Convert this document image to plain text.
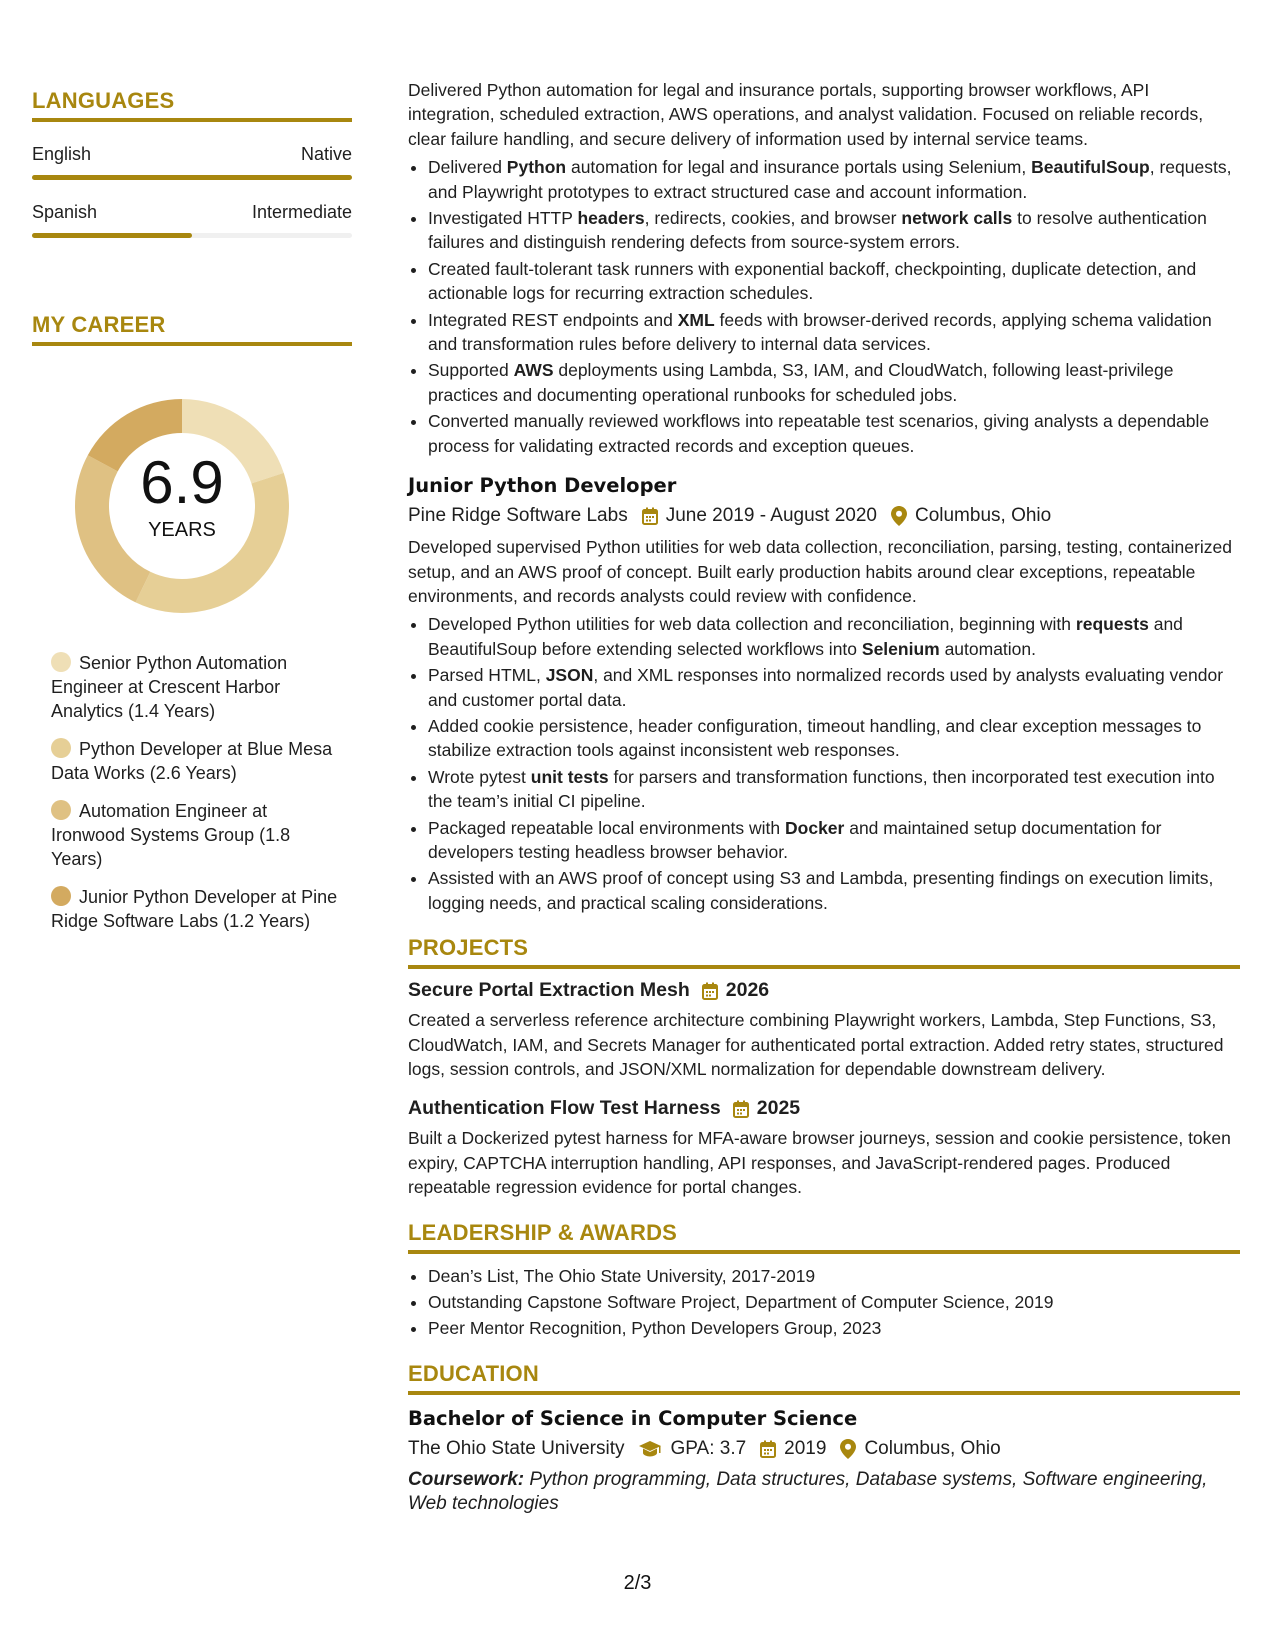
LANGUAGES
English	Native
Spanish	Intermediate
MY CAREER
6.9
YEARS
Senior Python Automation Engineer at Crescent Harbor Analytics (1.4 Years)
Python Developer at Blue Mesa Data Works (2.6 Years)
Automation Engineer at Ironwood Systems Group (1.8 Years)
Junior Python Developer at Pine Ridge Software Labs (1.2 Years)

Delivered Python automation for legal and insurance portals, supporting browser workflows, API integration, scheduled extraction, AWS operations, and analyst validation. Focused on reliable records, clear failure handling, and secure delivery of information used by internal service teams.

• Delivered Python automation for legal and insurance portals using Selenium, BeautifulSoup, requests, and Playwright prototypes to extract structured case and account information.
• Investigated HTTP headers, redirects, cookies, and browser network calls to resolve authentication failures and distinguish rendering defects from source-system errors.
• Created fault-tolerant task runners with exponential backoff, checkpointing, duplicate detection, and actionable logs for recurring extraction schedules.
• Integrated REST endpoints and XML feeds with browser-derived records, applying schema validation and transformation rules before delivery to internal data services.
• Supported AWS deployments using Lambda, S3, IAM, and CloudWatch, following least-privilege practices and documenting operational runbooks for scheduled jobs.
• Converted manually reviewed workflows into repeatable test scenarios, giving analysts a dependable process for validating extracted records and exception queues.
Junior Python Developer
Pine Ridge Software Labs June 2019 - August 2020 Columbus, Ohio

Developed supervised Python utilities for web data collection, reconciliation, parsing, testing, containerized setup, and an AWS proof of concept. Built early production habits around clear exceptions, repeatable environments, and records analysts could review with confidence.

• Developed Python utilities for web data collection and reconciliation, beginning with requests and BeautifulSoup before extending selected workflows into Selenium automation.
• Parsed HTML, JSON, and XML responses into normalized records used by analysts evaluating vendor and customer portal data.
• Added cookie persistence, header configuration, timeout handling, and clear exception messages to stabilize extraction tools against inconsistent web responses.
• Wrote pytest unit tests for parsers and transformation functions, then incorporated test execution into the team’s initial CI pipeline.
• Packaged repeatable local environments with Docker and maintained setup documentation for developers testing headless browser behavior.
• Assisted with an AWS proof of concept using S3 and Lambda, presenting findings on execution limits, logging needs, and practical scaling considerations.
PROJECTS
Secure Portal Extraction Mesh 2026

Created a serverless reference architecture combining Playwright workers, Lambda, Step Functions, S3, CloudWatch, IAM, and Secrets Manager for authenticated portal extraction. Added retry states, structured logs, session controls, and JSON/XML normalization for dependable downstream delivery.

Authentication Flow Test Harness 2025

Built a Dockerized pytest harness for MFA-aware browser journeys, session and cookie persistence, token expiry, CAPTCHA interruption handling, API responses, and JavaScript-rendered pages. Produced repeatable regression evidence for portal changes.

LEADERSHIP & AWARDS
• Dean’s List, The Ohio State University, 2017-2019
• Outstanding Capstone Software Project, Department of Computer Science, 2019
• Peer Mentor Recognition, Python Developers Group, 2023
EDUCATION
Bachelor of Science in Computer Science
The Ohio State University GPA: 3.7 2019 Columbus, Ohio

Coursework: Python programming, Data structures, Database systems, Software engineering, Web technologies

2/3
